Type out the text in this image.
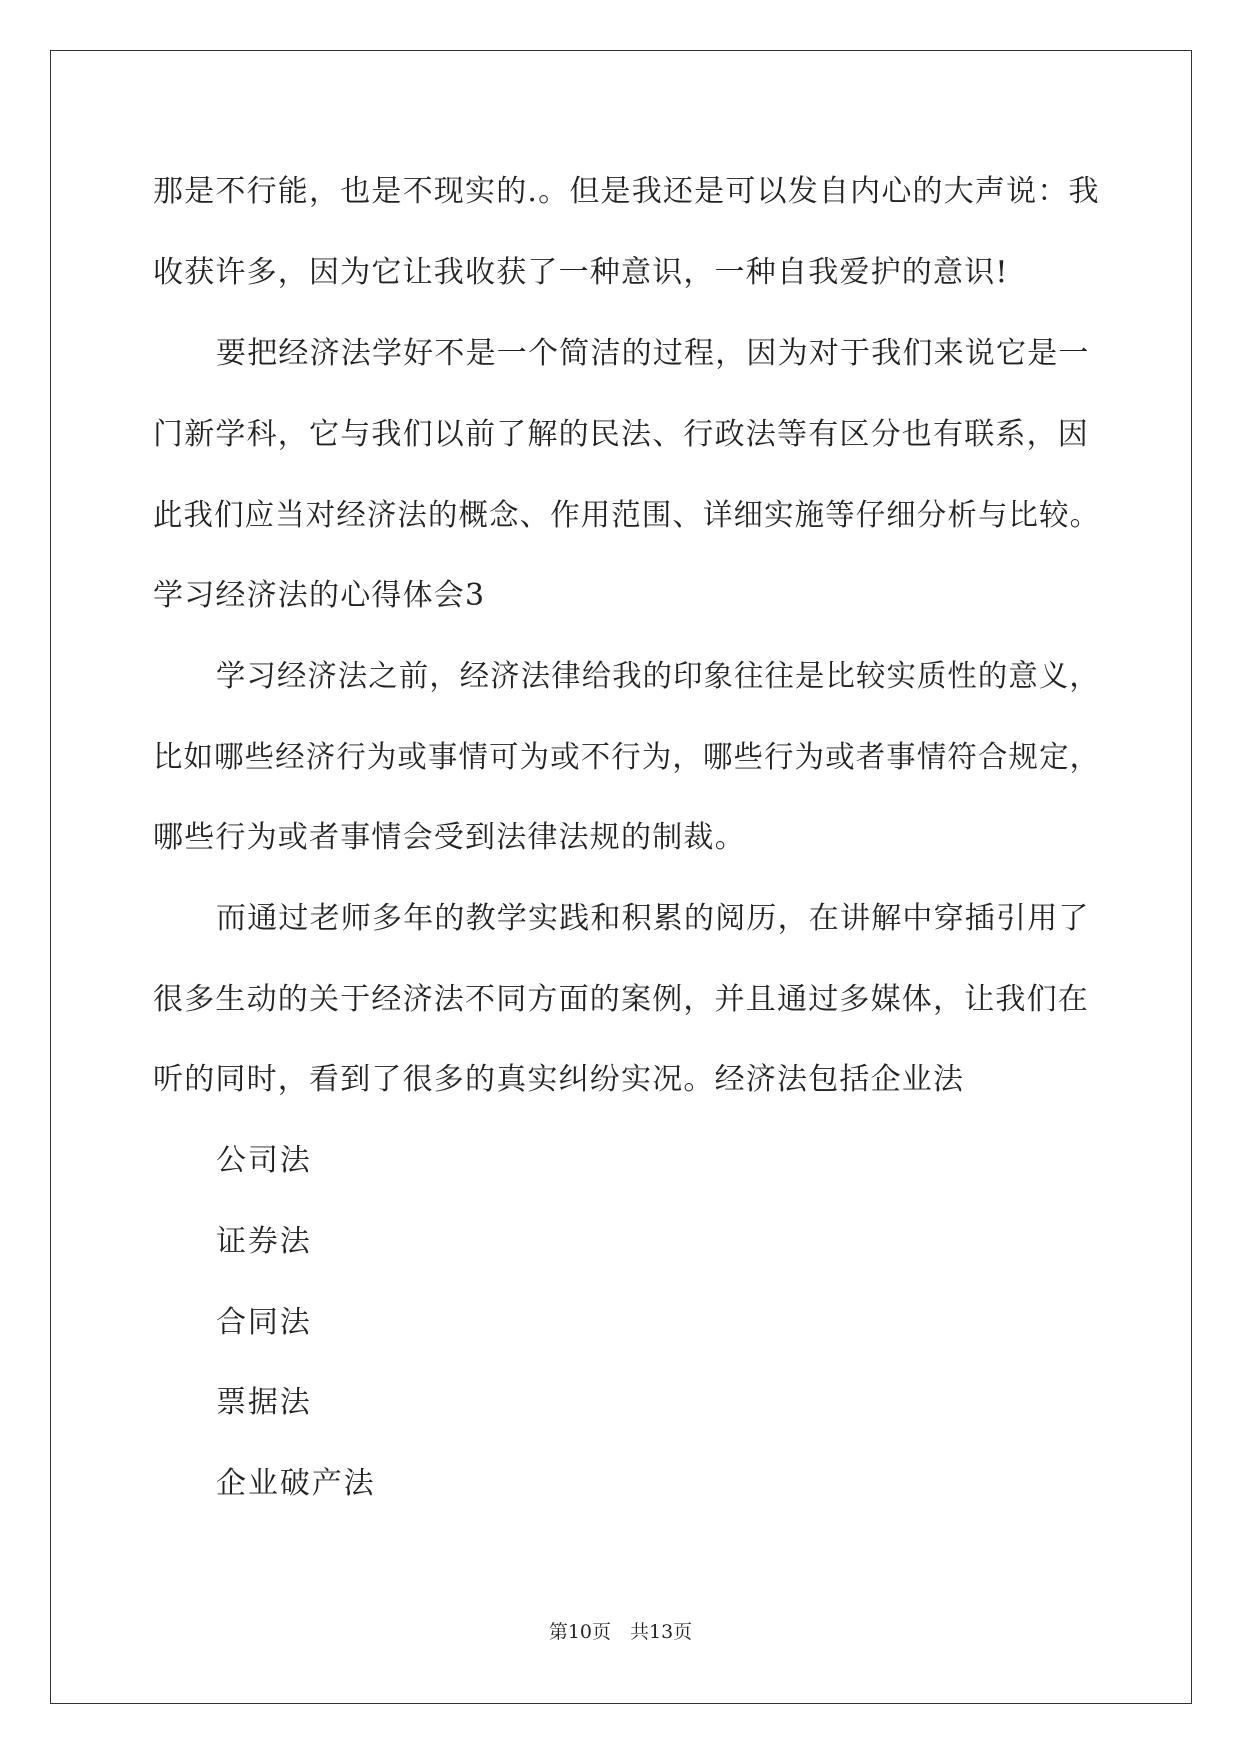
那是不行能，也是不现实的.。但是我还是可以发自内心的大声说：我
收获许多，因为它让我收获了一种意识，一种自我爱护的意识!
要把经济法学好不是一个简洁的过程，因为对于我们来说它是一
门新学科，它与我们以前了解的民法、行政法等有区分也有联系，因
此我们应当对经济法的概念、作用范围、详细实施等仔细分析与比较。
学习经济法的心得体会3
学习经济法之前，经济法律给我的印象往往是比较实质性的意义，
比如哪些经济行为或事情可为或不行为，哪些行为或者事情符合规定，
哪些行为或者事情会受到法律法规的制裁。
而通过老师多年的教学实践和积累的阅历，在讲解中穿插引用了
很多生动的关于经济法不同方面的案例，并且通过多媒体，让我们在
听的同时，看到了很多的真实纠纷实况。经济法包括企业法
公司法
证券法
合同法
票据法
企业破产法
第10页　共13页
